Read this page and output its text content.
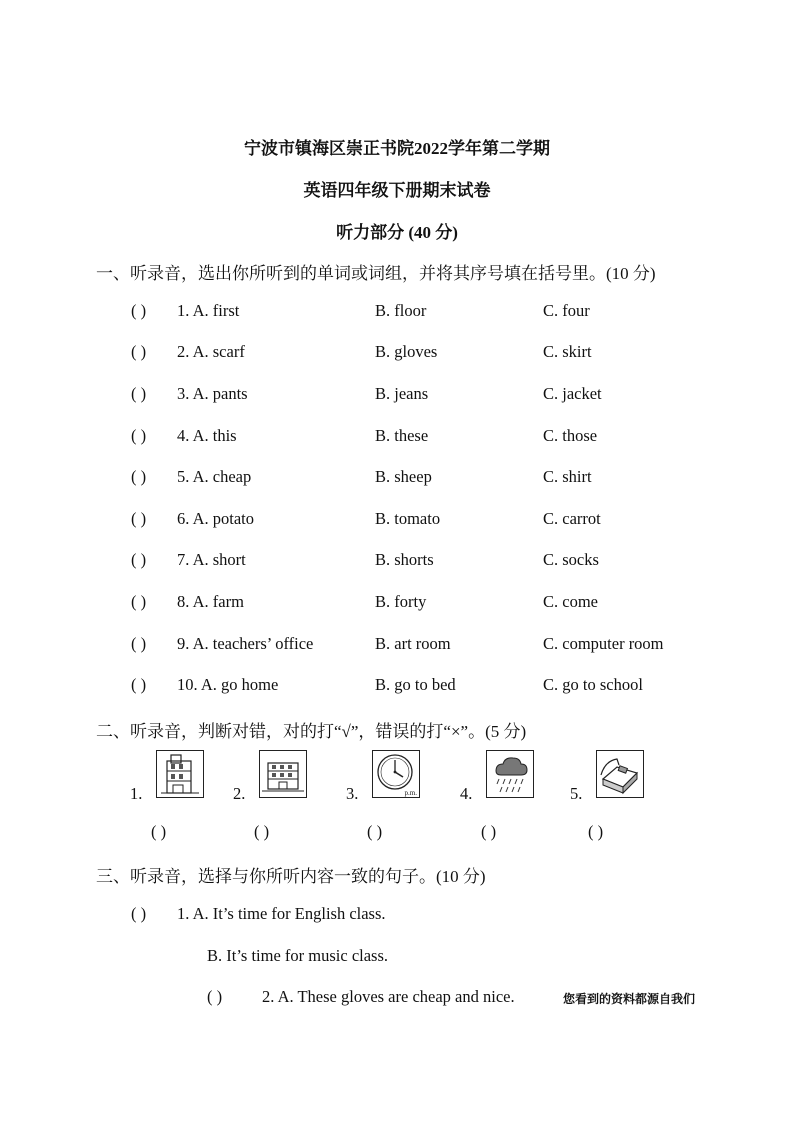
宁波市镇海区崇正书院2022学年第二学期
英语四年级下册期末试卷
听力部分 (40 分)
一、听录音，选出你所听到的单词或词组，并将其序号填在括号里。(10 分)
( ) 1. A. first	B. floor	C. four
( ) 2. A. scarf	B. gloves	C. skirt
( ) 3. A. pants	B. jeans	C. jacket
( ) 4. A. this	B. these	C. those
( ) 5. A. cheap	B. sheep	C. shirt
( ) 6. A. potato	B. tomato	C. carrot
( ) 7. A. short	B. shorts	C. socks
( ) 8. A. farm	B. forty	C. come
( ) 9. A. teachers’ office	B. art room	C. computer room
( ) 10. A. go home	B. go to bed	C. go to school
二、听录音，判断对错，对的打“√”，错误的打“×”。(5 分)
1.	2.	3.	p.m.	4.	5.
( )	( )	( )	( )	( )
三、听录音，选择与你所听内容一致的句子。(10 分)
( ) 1. A. It’s time for English class.
B. It’s time for music class.
( ) 2. A. These gloves are cheap and nice.	您看到的资料都源自我们
